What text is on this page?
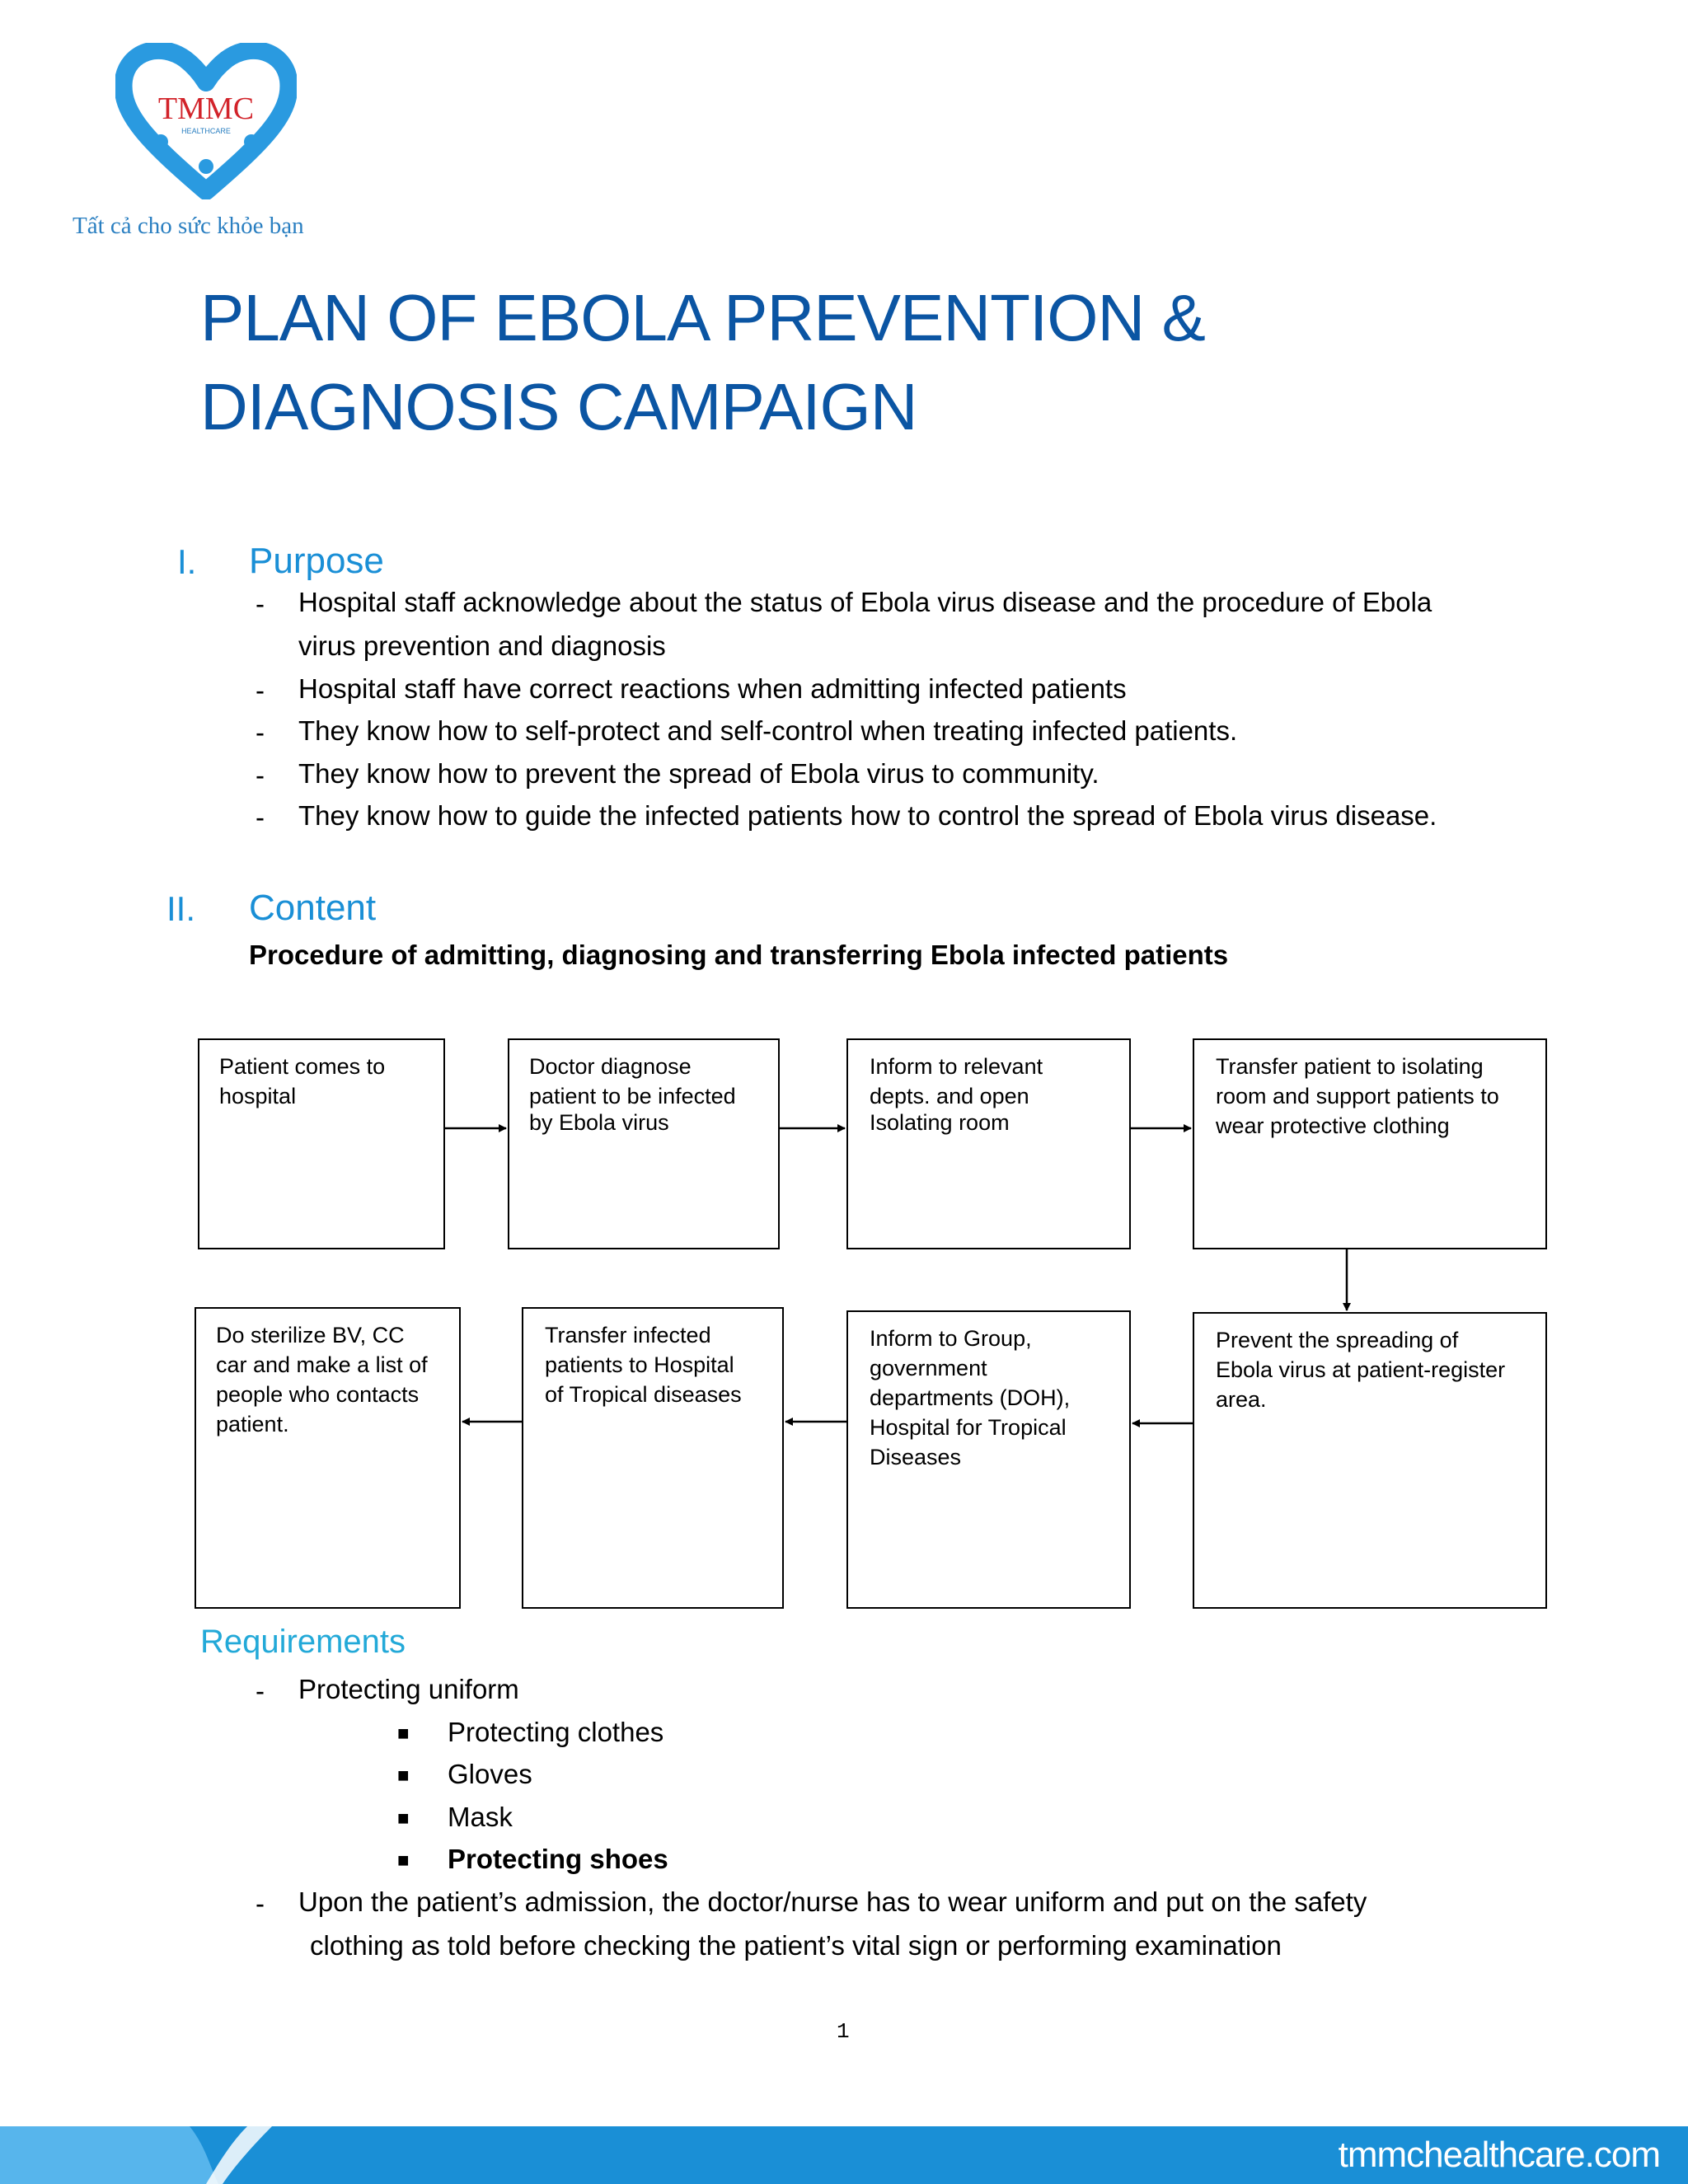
TMMC
HEALTHCARE
Tất cả cho sức khỏe bạn
PLAN OF EBOLA PREVENTION &
DIAGNOSIS CAMPAIGN
I. Purpose
- Hospital staff acknowledge about the status of Ebola virus disease and the procedure of Ebola
virus prevention and diagnosis
- Hospital staff have correct reactions when admitting infected patients
- They know how to self-protect and self-control when treating infected patients.
- They know how to prevent the spread of Ebola virus to community.
- They know how to guide the infected patients how to control the spread of Ebola virus disease.
II. Content
Procedure of admitting, diagnosing and transferring Ebola infected patients
Patient comes to
hospital
Doctor diagnose
patient to be infected
by Ebola virus
Inform to relevant
depts. and open
Isolating room
Transfer patient to isolating
room and support patients to
wear protective clothing
Prevent the spreading of
Ebola virus at patient-register
area.
Inform to Group,
government
departments (DOH),
Hospital for Tropical
Diseases
Transfer infected
patients to Hospital
of Tropical diseases
Do sterilize BV, CC
car and make a list of
people who contacts
patient.
Requirements
- Protecting uniform
■ Protecting clothes
■ Gloves
■ Mask
■ Protecting shoes
- Upon the patient’s admission, the doctor/nurse has to wear uniform and put on the safety
clothing as told before checking the patient’s vital sign or performing examination
1
tmmchealthcare.com
